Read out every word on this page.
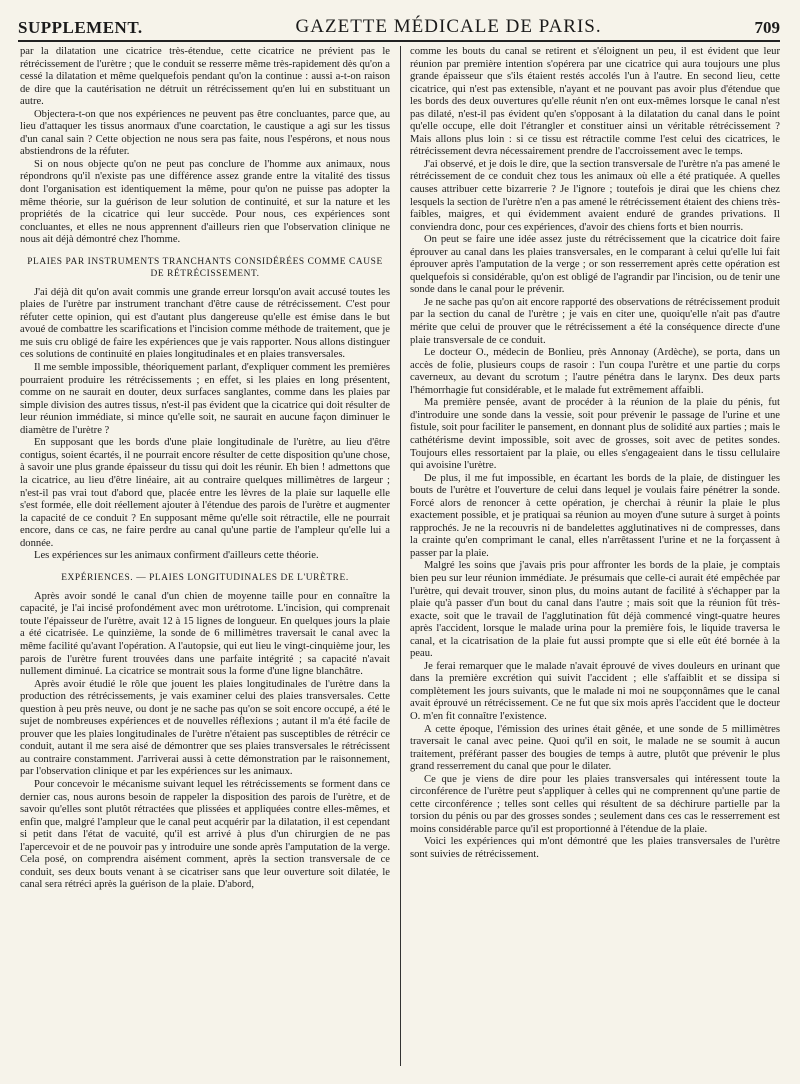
SUPPLEMENT.	GAZETTE MÉDICALE DE PARIS.	709

par la dilatation une cicatrice très-étendue, cette cicatrice ne prévient pas le rétrécissement de l'urètre ; que le conduit se resserre même très-rapidement dès qu'on a cessé la dilatation et même quelquefois pendant qu'on la continue : aussi a-t-on raison de dire que la cautérisation ne détruit un rétrécissement qu'en lui en substituant un autre.

Objectera-t-on que nos expériences ne peuvent pas être concluantes, parce que, au lieu d'attaquer les tissus anormaux d'une coarctation, le caustique a agi sur les tissus d'un canal sain ? Cette objection ne nous sera pas faite, nous l'espérons, et nous nous abstiendrons de la réfuter.

Si on nous objecte qu'on ne peut pas conclure de l'homme aux animaux, nous répondrons qu'il n'existe pas une différence assez grande entre la vitalité des tissus dont l'organisation est identiquement la même, pour qu'on ne puisse pas adopter la même théorie, sur la guérison de leur solution de continuité, et sur la nature et les propriétés de la cicatrice qui leur succède. Pour nous, ces expériences sont concluantes, et elles ne nous apprennent d'ailleurs rien que l'observation clinique ne nous ait déjà démontré chez l'homme.

PLAIES PAR INSTRUMENTS TRANCHANTS CONSIDÉRÉES COMME CAUSE DE RÉTRÉCISSEMENT.

J'ai déjà dit qu'on avait commis une grande erreur lorsqu'on avait accusé toutes les plaies de l'urètre par instrument tranchant d'être cause de rétrécissement. C'est pour réfuter cette opinion, qui est d'autant plus dangereuse qu'elle est émise dans le but avoué de combattre les scarifications et l'incision comme méthode de traitement, que je me suis cru obligé de faire les expériences que je vais rapporter. Nous allons distinguer ces solutions de continuité en plaies longitudinales et en plaies transversales.

Il me semble impossible, théoriquement parlant, d'expliquer comment les premières pourraient produire les rétrécissements ; en effet, si les plaies en long présentent, comme on ne saurait en douter, deux surfaces sanglantes, comme dans les plaies par simple division des autres tissus, n'est-il pas évident que la cicatrice qui doit résulter de leur réunion immédiate, si mince qu'elle soit, ne saurait en aucune façon diminuer le diamètre de l'urètre ?

En supposant que les bords d'une plaie longitudinale de l'urètre, au lieu d'être contigus, soient écartés, il ne pourrait encore résulter de cette disposition qu'une chose, à savoir une plus grande épaisseur du tissu qui doit les réunir. Eh bien ! admettons que la cicatrice, au lieu d'être linéaire, ait au contraire quelques millimètres de largeur ; n'est-il pas vrai tout d'abord que, placée entre les lèvres de la plaie sur laquelle elle s'est formée, elle doit réellement ajouter à l'étendue des parois de l'urètre et augmenter la capacité de ce conduit ? En supposant même qu'elle soit rétractile, elle ne pourrait encore, dans ce cas, ne faire perdre au canal qu'une partie de l'ampleur qu'elle lui a donnée.

Les expériences sur les animaux confirment d'ailleurs cette théorie.

EXPÉRIENCES. — PLAIES LONGITUDINALES DE L'URÈTRE.

Après avoir sondé le canal d'un chien de moyenne taille pour en connaître la capacité, je l'ai incisé profondément avec mon urétrotome. L'incision, qui comprenait toute l'épaisseur de l'urètre, avait 12 à 15 lignes de longueur. En quelques jours la plaie a été cicatrisée. Le quinzième, la sonde de 6 millimètres traversait le canal avec la même facilité qu'avant l'opération. A l'autopsie, qui eut lieu le vingt-cinquième jour, les parois de l'urètre furent trouvées dans une parfaite intégrité ; sa capacité n'avait nullement diminué. La cicatrice se montrait sous la forme d'une ligne blanchâtre.

Après avoir étudié le rôle que jouent les plaies longitudinales de l'urètre dans la production des rétrécissements, je vais examiner celui des plaies transversales. Cette question à peu près neuve, ou dont je ne sache pas qu'on se soit encore occupé, a été le sujet de nombreuses expériences et de nouvelles réflexions ; autant il m'a été facile de prouver que les plaies longitudinales de l'urètre n'étaient pas susceptibles de rétrécir ce conduit, autant il me sera aisé de démontrer que ses plaies transversales le rétrécissent au contraire constamment. J'arriverai aussi à cette démonstration par le raisonnement, par l'observation clinique et par les expériences sur les animaux.

Pour concevoir le mécanisme suivant lequel les rétrécissements se forment dans ce dernier cas, nous aurons besoin de rappeler la disposition des parois de l'urètre, et de savoir qu'elles sont plutôt rétractées que plissées et appliquées contre elles-mêmes, et enfin que, malgré l'ampleur que le canal peut acquérir par la dilatation, il est cependant si petit dans l'état de vacuité, qu'il est arrivé à plus d'un chirurgien de ne pas l'apercevoir et de ne pouvoir pas y introduire une sonde après l'amputation de la verge. Cela posé, on comprendra aisément comment, après la section transversale de ce conduit, ses deux bouts venant à se cicatriser sans que leur ouverture soit dilatée, le canal sera rétréci après la guérison de la plaie. D'abord,

comme les bouts du canal se retirent et s'éloignent un peu, il est évident que leur réunion par première intention s'opérera par une cicatrice qui aura toujours une plus grande épaisseur que s'ils étaient restés accolés l'un à l'autre. En second lieu, cette cicatrice, qui n'est pas extensible, n'ayant et ne pouvant pas avoir plus d'étendue que les bords des deux ouvertures qu'elle réunit n'en ont eux-mêmes lorsque le canal n'est pas dilaté, n'est-il pas évident qu'en s'opposant à la dilatation du canal dans le point qu'elle occupe, elle doit l'étrangler et constituer ainsi un véritable rétrécissement ? Mais allons plus loin : si ce tissu est rétractile comme l'est celui des cicatrices, le rétrécissement devra nécessairement prendre de l'accroissement avec le temps.

J'ai observé, et je dois le dire, que la section transversale de l'urètre n'a pas amené le rétrécissement de ce conduit chez tous les animaux où elle a été pratiquée. A quelles causes attribuer cette bizarrerie ? Je l'ignore ; toutefois je dirai que les chiens chez lesquels la section de l'urètre n'en a pas amené le rétrécissement étaient des chiens très-faibles, maigres, et qui évidemment avaient enduré de grandes privations. Il conviendra donc, pour ces expériences, d'avoir des chiens forts et bien nourris.

On peut se faire une idée assez juste du rétrécissement que la cicatrice doit faire éprouver au canal dans les plaies transversales, en le comparant à celui qu'elle lui fait éprouver après l'amputation de la verge ; or son resserrement après cette opération est quelquefois si considérable, qu'on est obligé de l'agrandir par l'incision, ou de tenir une sonde dans le canal pour le prévenir.

Je ne sache pas qu'on ait encore rapporté des observations de rétrécissement produit par la section du canal de l'urètre ; je vais en citer une, quoiqu'elle n'ait pas d'autre mérite que celui de prouver que le rétrécissement a été la conséquence directe d'une plaie transversale de ce conduit.

Le docteur O., médecin de Bonlieu, près Annonay (Ardèche), se porta, dans un accès de folie, plusieurs coups de rasoir : l'un coupa l'urètre et une partie du corps caverneux, au devant du scrotum ; l'autre pénétra dans le larynx. Des deux parts l'hémorrhagie fut considérable, et le malade fut extrêmement affaibli.

Ma première pensée, avant de procéder à la réunion de la plaie du pénis, fut d'introduire une sonde dans la vessie, soit pour prévenir le passage de l'urine et une fistule, soit pour faciliter le pansement, en donnant plus de solidité aux parties ; mais le cathétérisme devint impossible, soit avec de grosses, soit avec de petites sondes. Toujours elles ressortaient par la plaie, ou elles s'engageaient dans le tissu cellulaire qui avoisine l'urètre.

De plus, il me fut impossible, en écartant les bords de la plaie, de distinguer les bouts de l'urètre et l'ouverture de celui dans lequel je voulais faire pénétrer la sonde. Forcé alors de renoncer à cette opération, je cherchai à réunir la plaie le plus exactement possible, et je pratiquai sa réunion au moyen d'une suture à surget à points rapprochés. Je ne la recouvris ni de bandelettes agglutinatives ni de compresses, dans la crainte qu'en comprimant le canal, elles n'arrêtassent l'urine et ne la forçassent à passer par la plaie.

Malgré les soins que j'avais pris pour affronter les bords de la plaie, je comptais bien peu sur leur réunion immédiate. Je présumais que celle-ci aurait été empêchée par l'urètre, qui devait trouver, sinon plus, du moins autant de facilité à s'échapper par la plaie qu'à passer d'un bout du canal dans l'autre ; mais soit que la réunion fût très-exacte, soit que le travail de l'agglutination fût déjà commencé vingt-quatre heures après l'accident, lorsque le malade urina pour la première fois, le liquide traversa le canal, et la cicatrisation de la plaie fut aussi prompte que si elle eût été bornée à la peau.

Je ferai remarquer que le malade n'avait éprouvé de vives douleurs en urinant que dans la première excrétion qui suivit l'accident ; elle s'affaiblit et se dissipa si complètement les jours suivants, que le malade ni moi ne soupçonnâmes que le canal avait éprouvé un rétrécissement. Ce ne fut que six mois après l'accident que le docteur O. m'en fit connaître l'existence.

A cette époque, l'émission des urines était gênée, et une sonde de 5 millimètres traversait le canal avec peine. Quoi qu'il en soit, le malade ne se soumit à aucun traitement, préférant passer des bougies de temps à autre, plutôt que prévenir le plus grand resserrement du canal que pour le dilater.

Ce que je viens de dire pour les plaies transversales qui intéressent toute la circonférence de l'urètre peut s'appliquer à celles qui ne comprennent qu'une partie de cette circonférence ; telles sont celles qui résultent de sa déchirure partielle par la torsion du pénis ou par des grosses sondes ; seulement dans ces cas le resserrement est moins considérable parce qu'il est proportionné à l'étendue de la plaie.

Voici les expériences qui m'ont démontré que les plaies transversales de l'urètre sont suivies de rétrécissement.
